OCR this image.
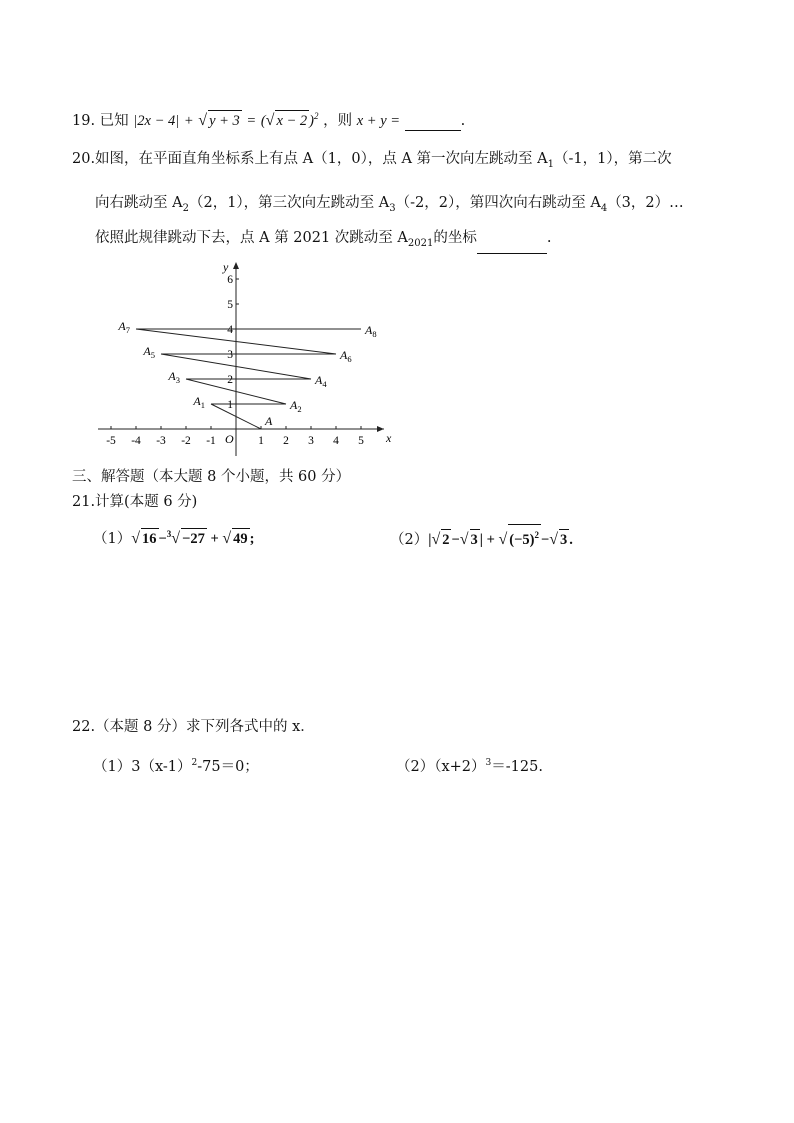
19. 已知 |2x − 4| + √ y + 3 = (√ x − 2 )$^2$ ，则 x + y =	.
20.如图，在平面直角坐标系上有点 A（1，0），点 A 第一次向左跳动至 $A_1(-1$，1），第二次
向右跳动至 $A_2(2$，1），第三次向左跳动至 $A_3(-2$，2），第四次向右跳动至 $A_4(3$，2）…
依照此规律跳动下去，点 A 第 2021 次跳动至 $A_{2021}$的坐标	.
x
y
O
-5 -4 -3 -2 -1	1 2 3 4 5
1
2
3
4
5
6
A
$A_1$	$A_2$
$A_3$	$A_4$
$A_5$	$A_6$
$A_7$	$A_8$
三、解答题（本大题 8 个小题，共 60 分）
21.计算(本题 6 分)
（1）√ 16 −$^3$√ −27 + √ 49 ;	（2）|√ 2 −√ 3 | + √ $(-5)^2$ −√ 3 .
22.（本题 8 分）求下列各式中的 x．
$(1)3(x-1)^2-75=0$；	$(2)(x+2)^3=-125$.
